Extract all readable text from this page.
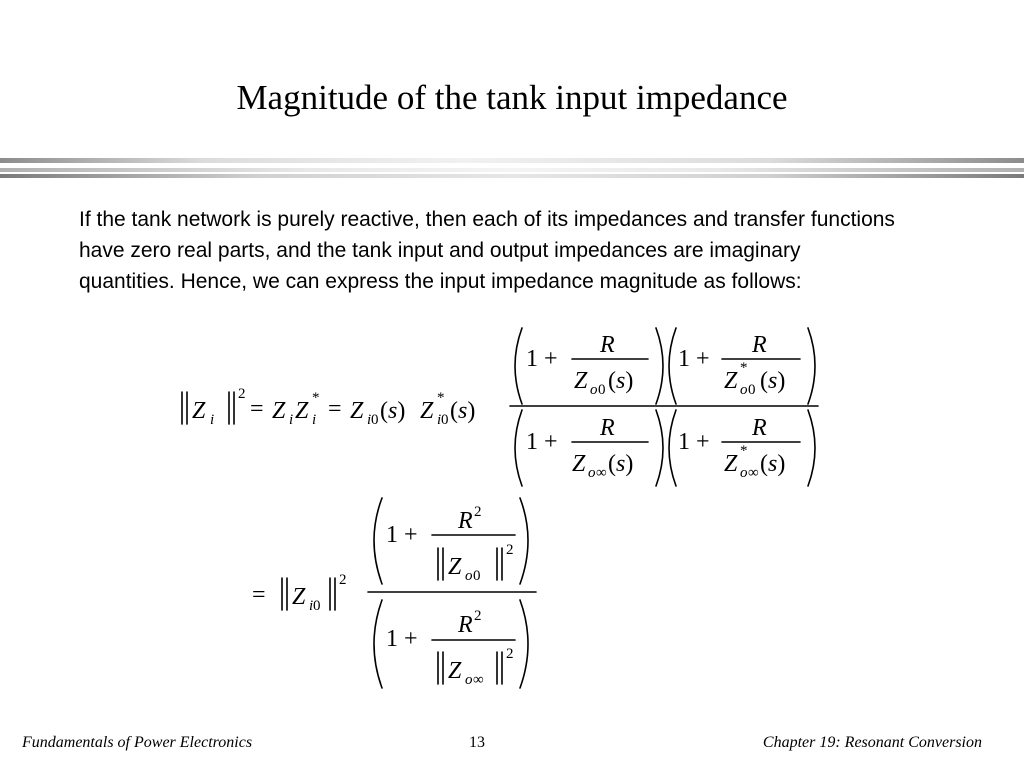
Magnitude of the tank input impedance
If the tank network is purely reactive, then each of its impedances and transfer functions have zero real parts, and the tank input and output impedances are imaginary quantities. Hence, we can express the input impedance magnitude as follows:
Z i
2
= Z i Z *
i = Z i 0 (s) Z *
i 0 (s)
1 +
R
Z o 0 (s)
1 +
R
Z *
o 0 (s)
1 +
R
Z o ∞ (s)
1 +
R
Z *
o ∞ (s)
= Z i 0
2
1 +
R 2
Z o 0
2
1 +
R 2
Z o ∞
2
Fundamentals of Power Electronics	13	Chapter 19: Resonant Conversion
